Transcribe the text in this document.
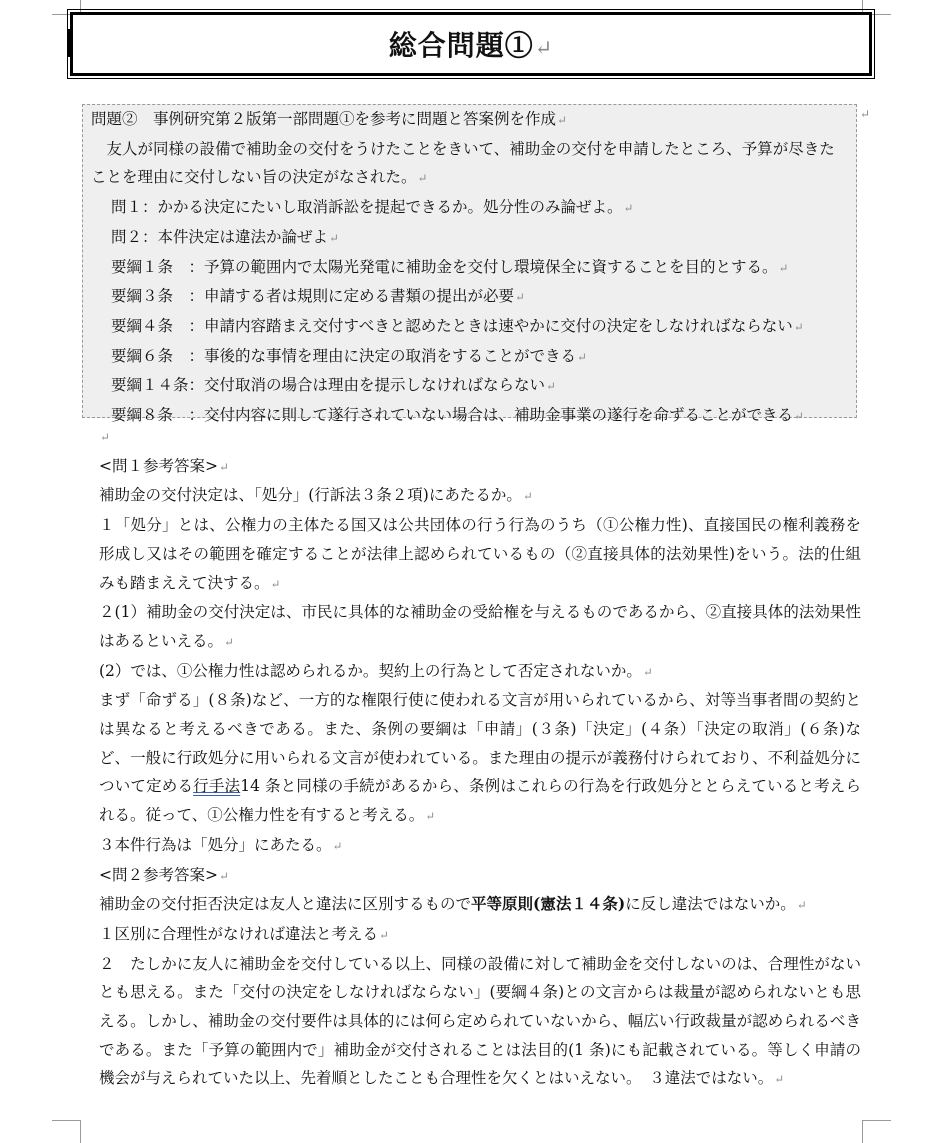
総合問題①↵
↵

問題②　事例研究第２版第一部問題①を参考に問題と答案例を作成↵

友人が同様の設備で補助金の交付をうけたことをきいて、補助金の交付を申請したところ、予算が尽きたことを理由に交付しない旨の決定がなされた。↵

問１：かかる決定にたいし取消訴訟を提起できるか。処分性のみ論ぜよ。↵

問２：本件決定は違法か論ぜよ↵

要綱１条　：予算の範囲内で太陽光発電に補助金を交付し環境保全に資することを目的とする。↵

要綱３条　：申請する者は規則に定める書類の提出が必要↵

要綱４条　：申請内容踏まえ交付すべきと認めたときは速やかに交付の決定をしなければならない↵

要綱６条　：事後的な事情を理由に決定の取消をすることができる↵

要綱１４条：交付取消の場合は理由を提示しなければならない↵

要綱８条　：交付内容に則して遂行されていない場合は、補助金事業の遂行を命ずることができる↵

↵

<問１参考答案>↵

補助金の交付決定は、「処分」(行訴法３条２項)にあたるか。↵

１「処分」とは、公権力の主体たる国又は公共団体の行う行為のうち（①公権力性)、直接国民の権利義務を形成し又はその範囲を確定することが法律上認められているもの（②直接具体的法効果性)をいう。法的仕組みも踏まええて決する。↵

２(1）補助金の交付決定は、市民に具体的な補助金の受給権を与えるものであるから、②直接具体的法効果性はあるといえる。↵

(2）では、①公権力性は認められるか。契約上の行為として否定されないか。↵

まず「命ずる」(８条)など、一方的な権限行使に使われる文言が用いられているから、対等当事者間の契約とは異なると考えるべきである。また、条例の要綱は「申請」(３条)「決定」(４条）「決定の取消」(６条)など、一般に行政処分に用いられる文言が使われている。また理由の提示が義務付けられており、不利益処分について定める行手法14 条と同様の手続があるから、条例はこれらの行為を行政処分ととらえていると考えられる。従って、①公権力性を有すると考える。↵

３本件行為は「処分」にあたる。↵

<問２参考答案>↵

補助金の交付拒否決定は友人と違法に区別するもので平等原則(憲法１４条)に反し違法ではないか。↵

１区別に合理性がなければ違法と考える↵

２　たしかに友人に補助金を交付している以上、同様の設備に対して補助金を交付しないのは、合理性がないとも思える。また「交付の決定をしなければならない」(要綱４条)との文言からは裁量が認められないとも思える。しかし、補助金の交付要件は具体的には何ら定められていないから、幅広い行政裁量が認められるべきである。また「予算の範囲内で」補助金が交付されることは法目的(1 条)にも記載されている。等しく申請の機会が与えられていた以上、先着順としたことも合理性を欠くとはいえない。　３違法ではない。↵
